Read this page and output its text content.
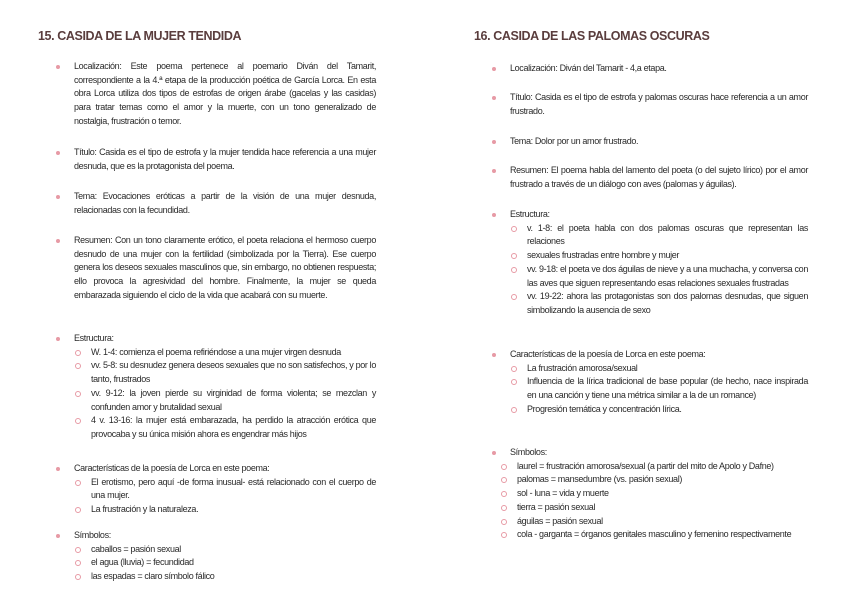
15. CASIDA DE LA MUJER TENDIDA
Localización: Este poema pertenece al poemario Diván del Tamarit, correspondiente a la 4.ª etapa de la producción poética de García Lorca. En esta obra Lorca utiliza dos tipos de estrofas de origen árabe (gacelas y las casidas) para tratar temas como el amor y la muerte, con un tono generalizado de nostalgia, frustración o temor.
Título: Casida es el tipo de estrofa y la mujer tendida hace referencia a una mujer desnuda, que es la protagonista del poema.
Tema: Evocaciones eróticas a partir de la visión de una mujer desnuda, relacionadas con la fecundidad.
Resumen: Con un tono claramente erótico, el poeta relaciona el hermoso cuerpo desnudo de una mujer con la fertilidad (simbolizada por la Tierra). Ese cuerpo genera los deseos sexuales masculinos que, sin embargo, no obtienen respuesta; ello provoca la agresividad del hombre. Finalmente, la mujer se queda embarazada siguiendo el ciclo de la vida que acabará con su muerte.
Estructura:
W. 1-4: comienza el poema refiriéndose a una mujer virgen desnuda
vv. 5-8: su desnudez genera deseos sexuales que no son satisfechos, y por lo tanto, frustrados
vv. 9-12: la joven pierde su virginidad de forma violenta; se mezclan y confunden amor y brutalidad sexual
4 v. 13-16: la mujer está embarazada, ha perdido la atracción erótica que provocaba y su única misión ahora es engendrar más hijos
Características de la poesía de Lorca en este poema:
El erotismo, pero aquí -de forma inusual- está relacionado con el cuerpo de una mujer.
La frustración y la naturaleza.
Símbolos:
caballos = pasión sexual
el agua (lluvia) = fecundidad
las espadas = claro símbolo fálico
16. CASIDA DE LAS PALOMAS OSCURAS
Localización: Diván del Tamarit - 4,a etapa.
Título: Casida es el tipo de estrofa y palomas oscuras hace referencia a un amor frustrado.
Tema: Dolor por un amor frustrado.
Resumen: El poema habla del lamento del poeta (o del sujeto lírico) por el amor frustrado a través de un diálogo con aves (palomas y águilas).
Estructura:
v. 1-8: el poeta habla con dos palomas oscuras que representan las relaciones
sexuales frustradas entre hombre y mujer
vv. 9-18: el poeta ve dos águilas de nieve y a una muchacha, y conversa con las aves que siguen representando esas relaciones sexuales frustradas
vv. 19-22: ahora las protagonistas son dos palomas desnudas, que siguen simbolizando la ausencia de sexo
Características de la poesía de Lorca en este poema:
La frustración amorosa/sexual
Influencia de la lírica tradicional de base popular (de hecho, nace inspirada en una canción y tiene una métrica similar a la de un romance)
Progresión temática y concentración lírica.
Símbolos:
laurel = frustración amorosa/sexual (a partir del mito de Apolo y Dafne)
palomas = mansedumbre (vs. pasión sexual)
sol - luna = vida y muerte
tierra = pasión sexual
águilas = pasión sexual
cola - garganta = órganos genitales masculino y femenino respectivamente
